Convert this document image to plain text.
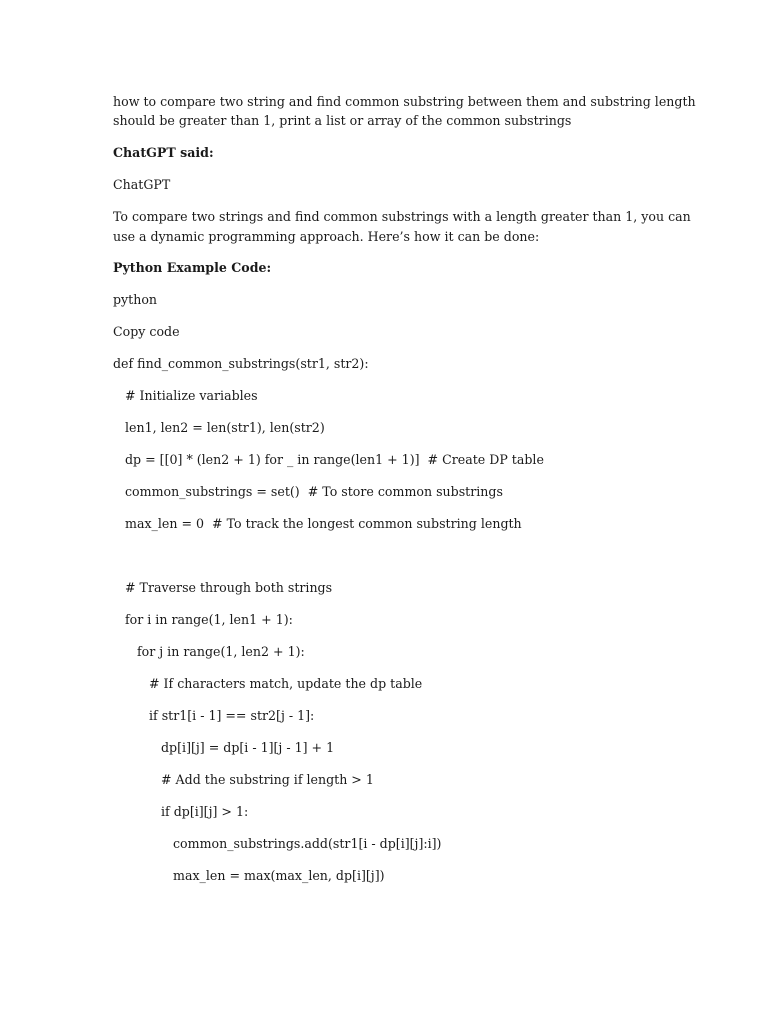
how to compare two string and find common substring between them and substring length
should be greater than 1, print a list or array of the common substrings
ChatGPT said:
ChatGPT
To compare two strings and find common substrings with a length greater than 1, you can
use a dynamic programming approach. Here’s how it can be done:
Python Example Code:
python
Copy code
def find_common_substrings(str1, str2):
# Initialize variables
len1, len2 = len(str1), len(str2)
dp = [[0] * (len2 + 1) for _ in range(len1 + 1)]  # Create DP table
common_substrings = set()  # To store common substrings
max_len = 0  # To track the longest common substring length
# Traverse through both strings
for i in range(1, len1 + 1):
for j in range(1, len2 + 1):
# If characters match, update the dp table
if str1[i - 1] == str2[j - 1]:
dp[i][j] = dp[i - 1][j - 1] + 1
# Add the substring if length > 1
if dp[i][j] > 1:
common_substrings.add(str1[i - dp[i][j]:i])
max_len = max(max_len, dp[i][j])
